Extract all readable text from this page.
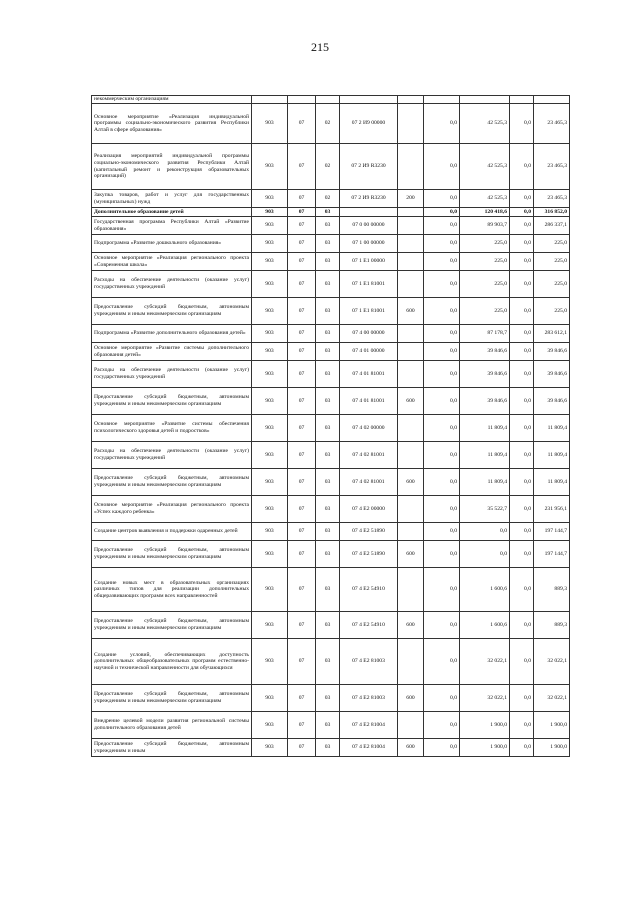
215
некоммерческим организациям									
Основное мероприятие «Реализация индивидуальной программы социально-экономического развития Республики Алтай в сфере образования»	903	07	02	07 2 И9 00000		0,0	42 525,3	0,0	23 465,3
Реализация мероприятий индивидуальной программы социально-экономического развития Республики Алтай (капитальный ремонт и реконструкция образовательных организаций)	903	07	02	07 2 И9 R3230		0,0	42 525,3	0,0	23 465,3
Закупка товаров, работ и услуг для государственных (муниципальных) нужд	903	07	02	07 2 И9 R3230	200	0,0	42 525,3	0,0	23 465,3
Дополнительное образование детей	903	07	03			0,0	120 418,6	0,0	316 852,0
Государственная программа Республики Алтай «Развитие образования»	903	07	03	07 0 00 00000		0,0	89 903,7	0,0	286 337,1
Подпрограмма «Развитие дошкольного образования»	903	07	03	07 1 00 00000		0,0	225,0	0,0	225,0
Основное мероприятие «Реализация регионального проекта «Современная школа»	903	07	03	07 1 E1 00000		0,0	225,0	0,0	225,0
Расходы на обеспечение деятельности (оказание услуг) государственных учреждений	903	07	03	07 1 E1 81001		0,0	225,0	0,0	225,0
Предоставление субсидий бюджетным, автономным учреждениям и иным некоммерческим организациям	903	07	03	07 1 E1 81001	600	0,0	225,0	0,0	225,0
Подпрограмма «Развитие дополнительного образования детей»	903	07	03	07 4 00 00000		0,0	87 178,7	0,0	283 612,1
Основное мероприятие «Развитие системы дополнительного образования детей»	903	07	03	07 4 01 00000		0,0	39 846,6	0,0	39 846,6
Расходы на обеспечение деятельности (оказание услуг) государственных учреждений	903	07	03	07 4 01 81001		0,0	39 846,6	0,0	39 846,6
Предоставление субсидий бюджетным, автономным учреждениям и иным некоммерческим организациям	903	07	03	07 4 01 81001	600	0,0	39 846,6	0,0	39 846,6
Основное мероприятие «Развитие системы обеспечения психологического здоровья детей и подростков»	903	07	03	07 4 02 00000		0,0	11 809,4	0,0	11 809,4
Расходы на обеспечение деятельности (оказание услуг) государственных учреждений	903	07	03	07 4 02 81001		0,0	11 809,4	0,0	11 809,4
Предоставление субсидий бюджетным, автономным учреждениям и иным некоммерческим организациям	903	07	03	07 4 02 81001	600	0,0	11 809,4	0,0	11 809,4
Основное мероприятие «Реализация регионального проекта «Успех каждого ребенка»	903	07	03	07 4 E2 00000		0,0	35 522,7	0,0	231 956,1
Создание центров выявления и поддержки одаренных детей	903	07	03	07 4 E2 51890		0,0	0,0	0,0	197 144,7
Предоставление субсидий бюджетным, автономным учреждениям и иным некоммерческим организациям	903	07	03	07 4 E2 51890	600	0,0	0,0	0,0	197 144,7
Создание новых мест в образовательных организациях различных типов для реализации дополнительных общеразвивающих программ всех направленностей	903	07	03	07 4 E2 54910		0,0	1 600,6	0,0	889,3
Предоставление субсидий бюджетным, автономным учреждениям и иным некоммерческим организациям	903	07	03	07 4 E2 54910	600	0,0	1 600,6	0,0	889,3
Создание условий, обеспечивающих доступность дополнительных общеобразовательных программ естественно-научной и технической направленности для обучающихся	903	07	03	07 4 E2 81003		0,0	32 022,1	0,0	32 022,1
Предоставление субсидий бюджетным, автономным учреждениям и иным некоммерческим организациям	903	07	03	07 4 E2 81003	600	0,0	32 022,1	0,0	32 022,1
Внедрение целевой модели развития региональной системы дополнительного образования детей	903	07	03	07 4 E2 81004		0,0	1 900,0	0,0	1 900,0
Предоставление субсидий бюджетным, автономным учреждениям и иным	903	07	03	07 4 E2 81004	600	0,0	1 900,0	0,0	1 900,0
